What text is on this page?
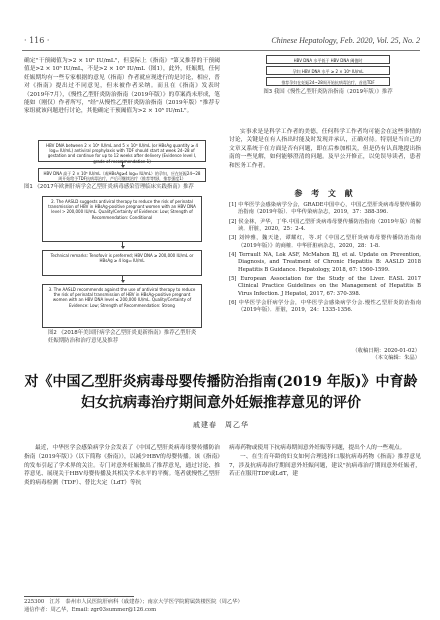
· 116 ·	Chinese Hepatology, Feb. 2020, Vol. 25, No. 2

确定"干预阈值为>2 × 10⁵ IU/mL"，但妥际上《指南》"第又推荐的干预阈值是>2 × 10⁵ IU/mL，不是>2 × 10⁵ IU/mL（图1），此外，妊娠期，任何妊娠期均有一些专家根据的意见（指南）作者就应现进行的是讨论，相应，普对《指南》提出过不同意见，但未被作者采纳。而且在《指南》发表时（2019年7月），《慢性乙型肝炎防治指南（2019年版）》的草案尚未形成，笔能如（刚仅）作者所写，"经"从慢性乙型肝炎防治指南（2019年版）"推荐专家组就该问题进行讨论，其他确定干预阈值为>2 × 10⁵ IU/mL"。

HBV DNA between 2 × 10⁵ IU/mL and 5 × 10⁶ IU/mL (or HBsAg quantity ≥ 4 log₁₀ IU/mL) antiviral prophylaxis with TDF should start at week 24–28 of gestation and continue for up to 12 weeks after delivery (Evidence level I, grade of recommendation 1)
HBV DNA 高于 2 × 10⁵ IU/mL（或HBsAg≥4 log₁₀ IU/mL）的孕妇，应在妊娠24~28周开始给予TDF抗病毒治疗，产后可继续治疗（推荐等级Ⅰ，推荐强度1）
图1 《2017年欧洲肝病学会乙型肝炎病毒感染管理临床实践指南》推荐
2. The AASLD suggests antiviral therapy to reduce the risk of perinatal transmission of HBV in HBsAg-positive pregnant women with an HBV DNA level > 200,000 IU/mL. Quality/Certainty of Evidence: Low; Strength of Recommendation: Conditional
Technical remarks: Tenofovir is preferred; HBV DNA ≥ 200,000 IU/mL or HBsAg ≥ 4 log₁₀ IU/mL
3. The AASLD recommends against the use of antiviral therapy to reduce the risk of perinatal transmission of HBV in HBsAg-positive pregnant women with an HBV DNA level ≤ 200,000 IU/mL. Quality/Certainty of Evidence: Low; Strength of Recommendation: Strong
图2 《2018年美国肝病学会乙型肝炎更新指南》推荐乙型肝炎妊娠期防治和治疗意见及推荐
HBV DNA 水平低于 HBV DNA 阈值时
孕妇 HBV DNA 水平 ≥ 2 × 10⁵ IU/mL
推荐孕妇在妊娠24~28周开始抗病毒治疗，首选TDF
图3 我国《慢性乙型肝炎防治指南（2019年版）》推荐

实事求是是科学工作者的美德，任何科学工作者均可能会在这些事情的讨论，关键是在有人指出时能及时发现并承认，正确对待。特别是当自己的文章又系统于在方面是否有问题，即在后参加相关，但是仍有认真地提出指南的一些见解，如何能够澄清的问题。及早公开修正，以免误导读者，患者和医务工作者。

参 考 文 献
[1] 中华医学会感染病学分会，GRADE中国中心，中国乙型肝炎病毒母婴传播防治指南（2019年版）．中华传染病杂志，2019，37：388-396.
[2] 侯金林，尹华，丁华.中国乙型肝炎病毒母婴传播防治指南（2019年版）的解读．肝脏，2020，25：2-4.
[3] 刘钟雅，魏天逢，谭耀红，等.对《中国乙型肝炎病毒母婴传播防治指南（2019年版）》的商榷．中华肝脏病杂志，2020，28：1-8.
[4] Terrault NA, Lok ASF, McMahon BJ, et al. Update on Prevention, Diagnosis, and Treatment of Chronic Hepatitis B: AASLD 2018 Hepatitis B Guidance. Hepatology, 2018, 67: 1560-1599.
[5] European Association for the Study of the Liver. EASL 2017 Clinical Practice Guidelines on the Management of Hepatitis B Virus Infection. J Hepatol, 2017, 67: 370-398.
[6] 中华医学会肝病学分会，中华医学会感染病学分会.慢性乙型肝炎防治指南（2019年版）．肝脏，2019，24：1335-1356.
（收稿日期：2020-01-02）
（本文编辑：朱晶）
对《中国乙型肝炎病毒母婴传播防治指南(2019 年版)》中育龄妇女抗病毒治疗期间意外妊娠推荐意见的评价
戚建春　周乙华

最近，中华医学会感染病学分会发表了《中国乙型肝炎病毒母婴传播防治指南（2019年版）》（以下简称《指南》），以减少HBV的母婴传播。该《指南》的发布引起了学术界的关注。专门对意外妊娠做出了推荐意见，通过讨论、推荐意见、展现关于HBV母婴传播及其相关学术水平的平衡。笔者就慢性乙型肝炎的病毒检测（TDF）、替比夫定（LdT）等抗

病毒药物或使用下抗病毒期间意外妊娠等问题，提出个人的一些观点。

一、在生育年龄的妇女如何合理选择口服抗病毒药物《指南》推荐意见7，涉及抗病毒治疗期间意外妊娠问题，建议"抗病毒治疗期间意外妊娠者，若正在服用TDF或LdT，建

225300　江苏　泰州市人民医院肝病科（戚建春）；南京大学医学院附属鼓楼医院（周乙华）
通信作者：周乙华，Email: zgr03summer@126.com
